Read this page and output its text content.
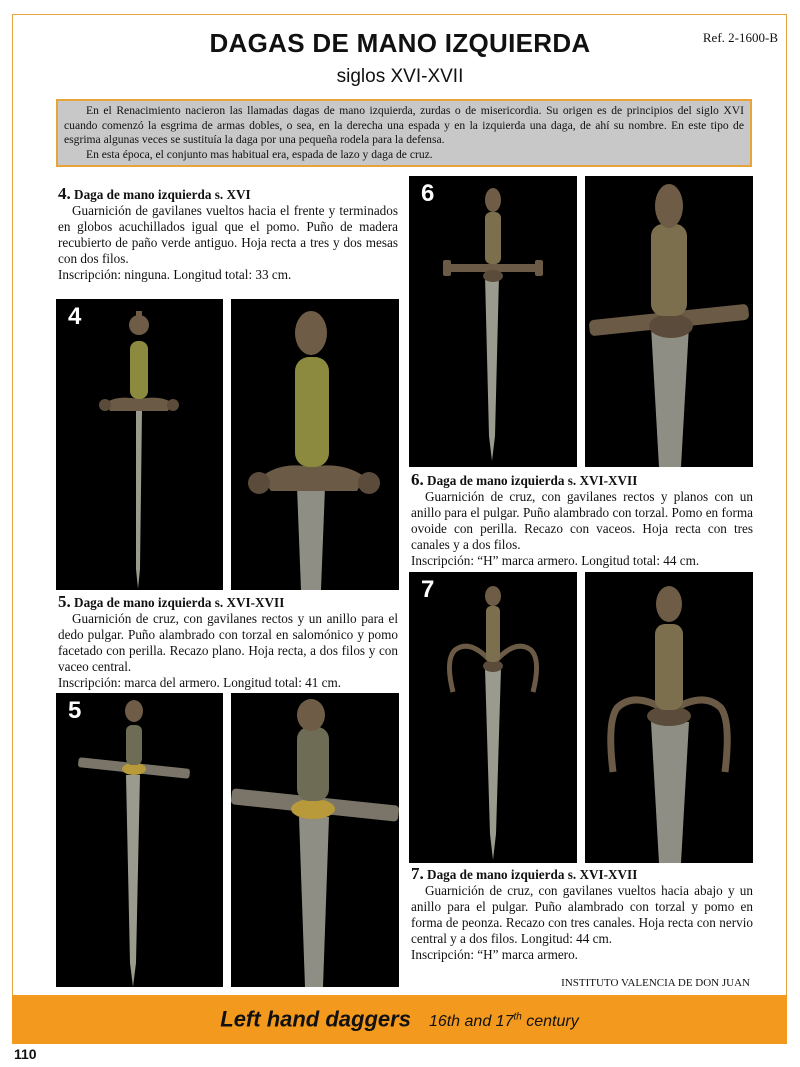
DAGAS DE MANO IZQUIERDA	Ref. 2-1600-B
siglos XVI-XVII

En el Renacimiento nacieron las llamadas dagas de mano izquierda, zurdas o de misericordia. Su origen es de principios del siglo XVI cuando comenzó la esgrima de armas dobles, o sea, en la derecha una espada y en la izquierda una daga, de ahí su nombre. En este tipo de esgrima algunas veces se sustituía la daga por una pequeña rodela para la defensa.

En esta época, el conjunto mas habitual era, espada de lazo y daga de cruz.

4. Daga de mano izquierda s. XVI

Guarnición de gavilanes vueltos hacia el frente y terminados en globos acuchillados igual que el pomo. Puño de madera recubierto de paño verde antiguo. Hoja recta a tres y dos mesas con dos filos.

Inscripción: ninguna. Longitud total: 33 cm.
4
5. Daga de mano izquierda s. XVI-XVII

Guarnición de cruz, con gavilanes rectos y un anillo para el dedo pulgar. Puño alambrado con torzal en salomónico y pomo facetado con perilla. Recazo plano. Hoja recta, a dos filos y con vaceo central.

Inscripción: marca del armero. Longitud total: 41 cm.
5
6
6. Daga de mano izquierda s. XVI-XVII

Guarnición de cruz, con gavilanes rectos y planos con un anillo para el pulgar. Puño alambrado con torzal. Pomo en forma ovoide con perilla. Recazo con vaceos. Hoja recta con tres canales y a dos filos.

Inscripción: “H” marca armero. Longitud total: 44 cm.
7
7. Daga de mano izquierda s. XVI-XVII

Guarnición de cruz, con gavilanes vueltos hacia abajo y un anillo para el pulgar. Puño alambrado con torzal y pomo en forma de peonza. Recazo con tres canales. Hoja recta con nervio central y a dos filos. Longitud: 44 cm.

Inscripción: “H” marca armero.
INSTITUTO VALENCIA DE DON JUAN
Left hand daggers 16th and 17th century
110
